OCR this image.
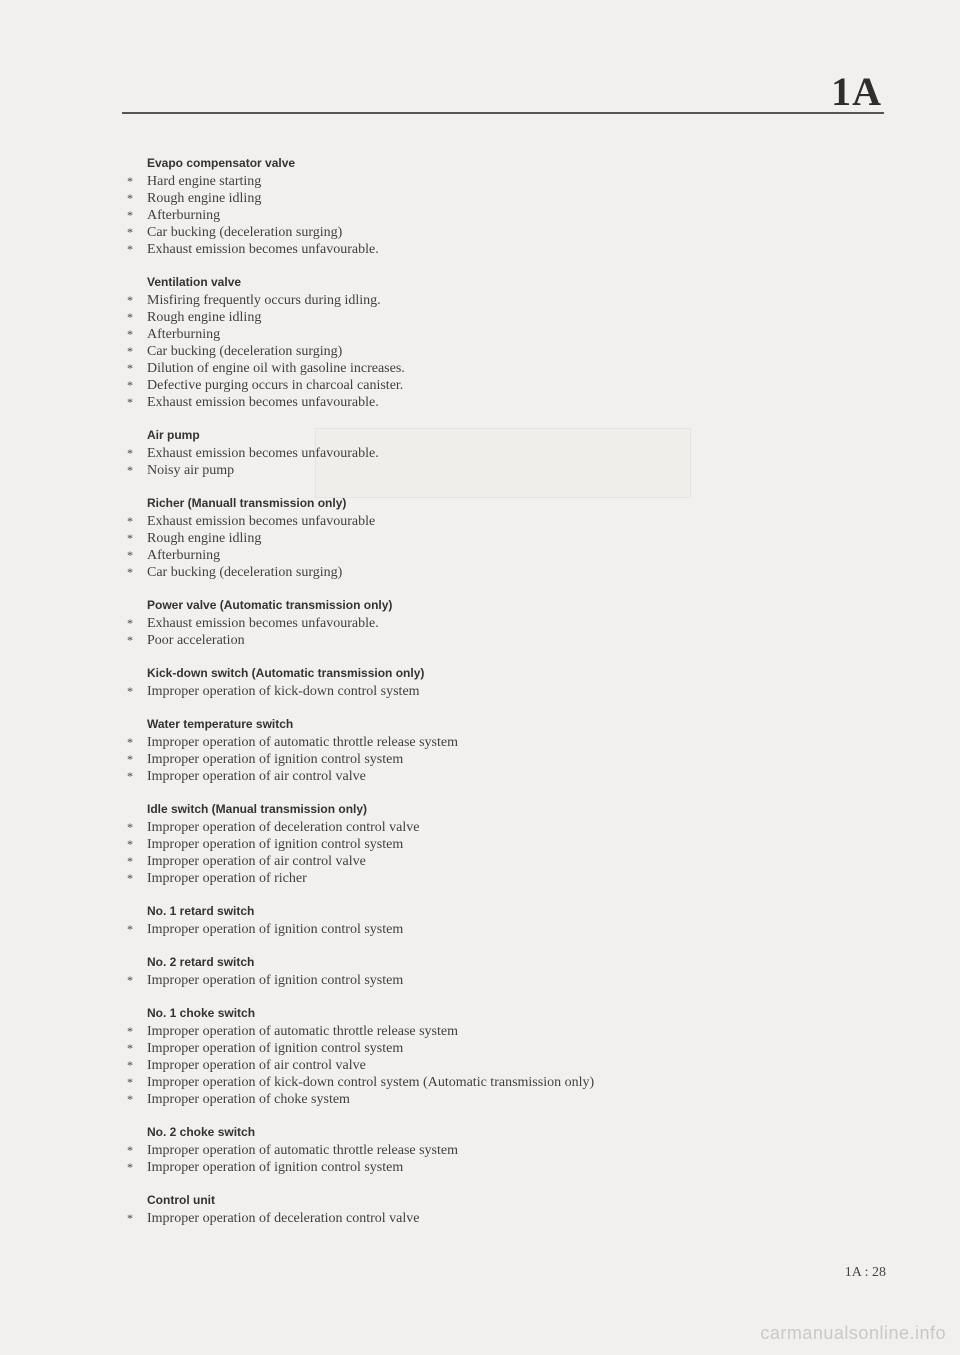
1A
Evapo compensator valve
* Hard engine starting
* Rough engine idling
* Afterburning
* Car bucking (deceleration surging)
* Exhaust emission becomes unfavourable.
Ventilation valve
* Misfiring frequently occurs during idling.
* Rough engine idling
* Afterburning
* Car bucking (deceleration surging)
* Dilution of engine oil with gasoline increases.
* Defective purging occurs in charcoal canister.
* Exhaust emission becomes unfavourable.
Air pump
* Exhaust emission becomes unfavourable.
* Noisy air pump
Richer (Manuall transmission only)
* Exhaust emission becomes unfavourable
* Rough engine idling
* Afterburning
* Car bucking (deceleration surging)
Power valve (Automatic transmission only)
* Exhaust emission becomes unfavourable.
* Poor acceleration
Kick-down switch (Automatic transmission only)
* Improper operation of kick-down control system
Water temperature switch
* Improper operation of automatic throttle release system
* Improper operation of ignition control system
* Improper operation of air control valve
Idle switch (Manual transmission only)
* Improper operation of deceleration control valve
* Improper operation of ignition control system
* Improper operation of air control valve
* Improper operation of richer
No. 1 retard switch
* Improper operation of ignition control system
No. 2 retard switch
* Improper operation of ignition control system
No. 1 choke switch
* Improper operation of automatic throttle release system
* Improper operation of ignition control system
* Improper operation of air control valve
* Improper operation of kick-down control system (Automatic transmission only)
* Improper operation of choke system
No. 2 choke switch
* Improper operation of automatic throttle release system
* Improper operation of ignition control system
Control unit
* Improper operation of deceleration control valve
1A : 28
carmanualsonline.info
